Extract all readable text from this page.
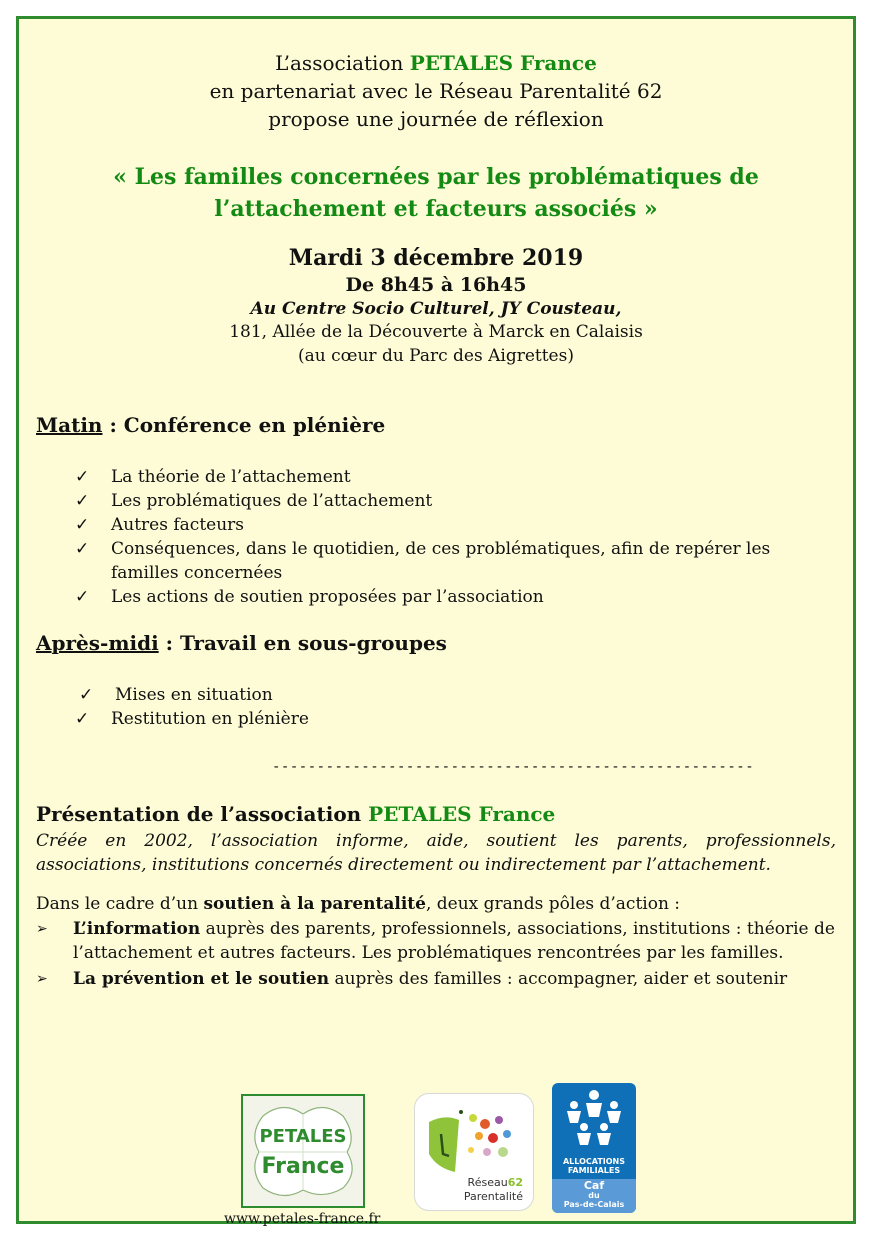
L’association PETALES France
en partenariat avec le Réseau Parentalité 62
propose une journée de réflexion
« Les familles concernées par les problématiques de
l’attachement et facteurs associés »
Mardi 3 décembre 2019
De 8h45 à 16h45
Au Centre Socio Culturel, JY Cousteau,
181, Allée de la Découverte à Marck en Calaisis
(au cœur du Parc des Aigrettes)
Matin : Conférence en plénière
✓ La théorie de l’attachement
✓ Les problématiques de l’attachement
✓ Autres facteurs
✓ Conséquences, dans le quotidien, de ces problématiques, afin de repérer les familles concernées
✓ Les actions de soutien proposées par l’association
Après-midi : Travail en sous-groupes
✓ Mises en situation
✓ Restitution en plénière
------------------------------------------------------
Présentation de l’association PETALES France
Créée en 2002, l’association informe, aide, soutient les parents, professionnels, associations, institutions concernés directement ou indirectement par l’attachement.
Dans le cadre d’un soutien à la parentalité, deux grands pôles d’action :
➢ L’information auprès des parents, professionnels, associations, institutions : théorie de l’attachement et autres facteurs. Les problématiques rencontrées par les familles.
➢ La prévention et le soutien auprès des familles : accompagner, aider et soutenir
PETALES
France
www.petales-france.fr
Réseau62
Parentalité
ALLOCATIONS
FAMILIALES
Caf
du
Pas-de-Calais
